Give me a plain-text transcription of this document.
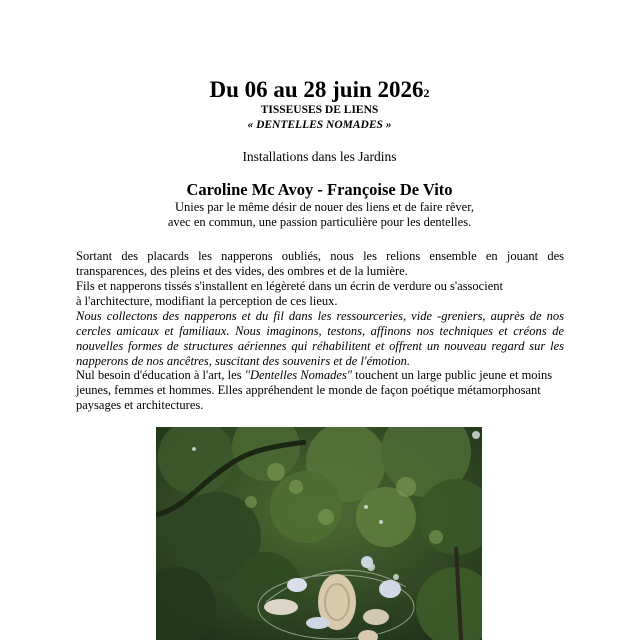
Du 06 au 28 juin 20262
TISSEUSES DE LIENS
« DENTELLES NOMADES »
Installations dans les Jardins
Caroline Mc Avoy - Françoise De Vito
Unies par le même désir de nouer des liens et de faire rêver,
avec en commun, une passion particulière pour les dentelles.
Sortant des placards les napperons oubliés, nous les relions ensemble en jouant des transparences, des pleins et des vides, des ombres et de la lumière.
Fils et napperons tissés s'installent en légèreté dans un écrin de verdure ou s'associent
à l'architecture, modifiant la perception de ces lieux.
Nous collectons des napperons et du fil dans les ressourceries, vide -greniers, auprès de nos cercles amicaux et familiaux. Nous imaginons, testons, affinons nos techniques et créons de nouvelles formes de structures aériennes qui réhabilitent et offrent un nouveau regard sur les napperons de nos ancêtres, suscitant des souvenirs et de l'émotion.
Nul besoin d'éducation à l'art, les "Dentelles Nomades" touchent un large public jeune et moins jeunes, femmes et hommes. Elles appréhendent le monde de façon poétique métamorphosant paysages et architectures.
